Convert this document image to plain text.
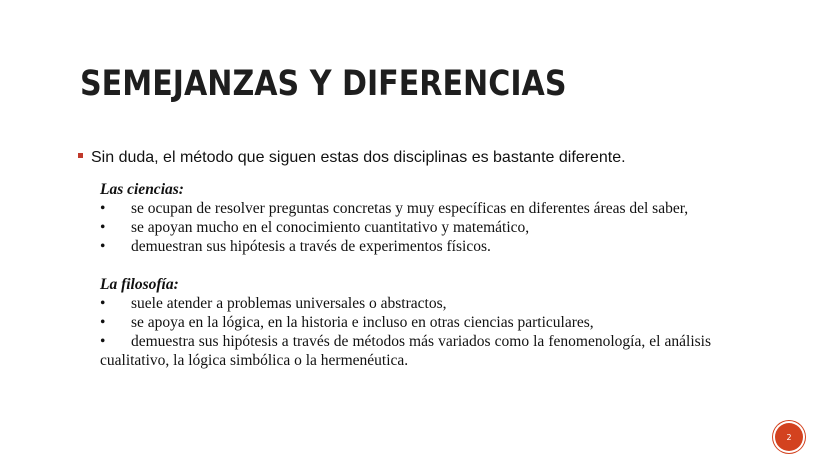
SEMEJANZAS Y DIFERENCIAS
Sin duda, el método que siguen estas dos disciplinas es bastante diferente.

Las ciencias:

• se ocupan de resolver preguntas concretas y muy específicas en diferentes áreas del saber,
• se apoyan mucho en el conocimiento cuantitativo y matemático,
• demuestran sus hipótesis a través de experimentos físicos.

La filosofía:

• suele atender a problemas universales o abstractos,
• se apoya en la lógica, en la historia e incluso en otras ciencias particulares,
• demuestra sus hipótesis a través de métodos más variados como la fenomenología, el análisis cualitativo, la lógica simbólica o la hermenéutica.
2
